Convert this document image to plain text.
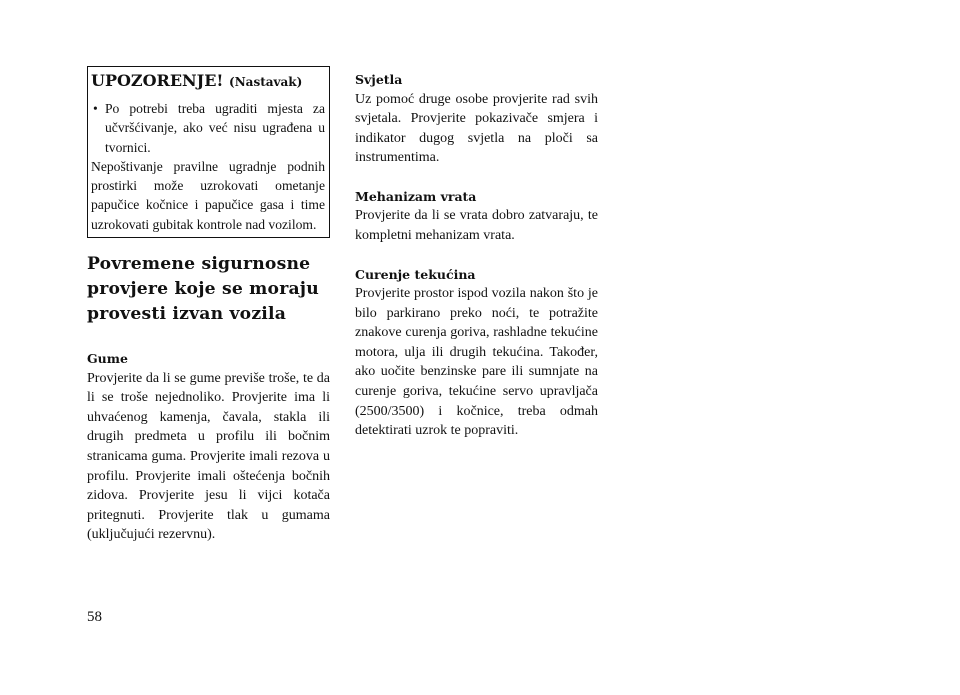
UPOZORENJE! (Nastavak)
• Po potrebi treba ugraditi mjesta za učvršćivanje, ako već nisu ugrađena u tvornici.
Nepoštivanje pravilne ugradnje podnih prostirki može uzrokovati ometanje papučice kočnice i papučice gasa i time uzrokovati gubitak kontrole nad vozilom.
Povremene sigurnosne
provjere koje se moraju
provesti izvan vozila
Gume
Provjerite da li se gume previše troše, te da li se troše nejednoliko. Provjerite ima li uhvaćenog kamenja, čavala, stakla ili drugih predmeta u profilu ili bočnim stranicama guma. Provjerite imali rezova u profilu. Provjerite imali oštećenja bočnih zidova. Provjerite jesu li vijci kotača pritegnuti. Provjerite tlak u gumama (uključujući rezervnu).
Svjetla
Uz pomoć druge osobe provjerite rad svih svjetala. Provjerite pokazivače smjera i indikator dugog svjetla na ploči sa instrumentima.
Mehanizam vrata
Provjerite da li se vrata dobro zatvaraju, te kompletni mehanizam vrata.
Curenje tekućina
Provjerite prostor ispod vozila nakon što je bilo parkirano preko noći, te potražite znakove curenja goriva, rashladne tekućine motora, ulja ili drugih tekućina. Također, ako uočite benzinske pare ili sumnjate na curenje goriva, tekućine servo upravljača (2500/3500) i kočnice, treba odmah detektirati uzrok te popraviti.
58
